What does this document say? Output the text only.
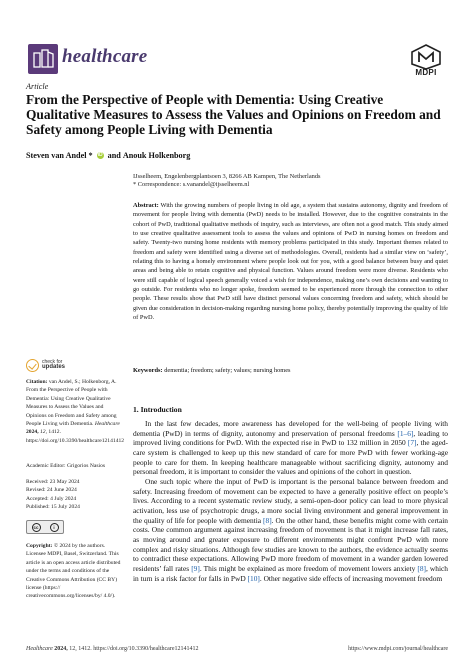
healthcare
MDPI
Article
From the Perspective of People with Dementia: Using Creative Qualitative Measures to Assess the Values and Opinions on Freedom and Safety among People Living with Dementia
Steven van Andel * iD and Anouk Holkenborg
IJsselheem, Engelenbergplantsoen 3, 8266 AB Kampen, The Netherlands
* Correspondence: s.vanandel@ijsselheem.nl
Abstract: With the growing numbers of people living in old age, a system that sustains autonomy, dignity and freedom of movement for people living with dementia (PwD) needs to be installed. However, due to the cognitive constraints in the cohort of PwD, traditional qualitative methods of inquiry, such as interviews, are often not a good match. This study aimed to use creative qualitative assessment tools to assess the values and opinions of PwD in nursing homes on freedom and safety. Twenty-two nursing home residents with memory problems participated in this study. Important themes related to freedom and safety were identified using a diverse set of methodologies. Overall, residents had a similar view on ‘safety’, relating this to having a homely environment where people look out for you, with a good balance between busy and quiet areas and being able to retain cognitive and physical function. Values around freedom were more diverse. Residents who were still capable of logical speech generally voiced a wish for independence, making one’s own decisions and wanting to go outside. For residents who no longer spoke, freedom seemed to be experienced more through the connection to other people. These results show that PwD still have distinct personal values concerning freedom and safety, which should be given due consideration in decision-making regarding nursing home policy, thereby potentially improving the quality of life of PwD.
Keywords: dementia; freedom; safety; values; nursing homes
check for
updates
Citation: van Andel, S.; Holkenborg, A. From the Perspective of People with Dementia: Using Creative Qualitative Measures to Assess the Values and Opinions on Freedom and Safety among People Living with Dementia. Healthcare 2024, 12, 1412. https://doi.org/10.3390/healthcare12141412
Academic Editor: Grigorios Nasios
Received: 23 May 2024
Revised: 24 June 2024
Accepted: 4 July 2024
Published: 15 July 2024
cc	i
Copyright: © 2024 by the authors. Licensee MDPI, Basel, Switzerland. This article is an open access article distributed under the terms and conditions of the Creative Commons Attribution (CC BY) license (https:// creativecommons.org/licenses/by/ 4.0/).
1. Introduction

In the last few decades, more awareness has developed for the well-being of people living with dementia (PwD) in terms of dignity, autonomy and preservation of personal freedoms [1–6], leading to improved living conditions for PwD. With the expected rise in PwD to 132 million in 2050 [7], the aged-care system is challenged to keep up this new standard of care for more PwD with fewer working-age people to care for them. In keeping healthcare manageable without sacrificing dignity, autonomy and personal freedom, it is important to consider the values and opinions of the cohort in question.

One such topic where the input of PwD is important is the personal balance between freedom and safety. Increasing freedom of movement can be expected to have a generally positive effect on people’s lives. According to a recent systematic review study, a semi-open-door policy can lead to more physical activation, less use of psychotropic drugs, a more social living environment and general improvement in the quality of life for people with dementia [8]. On the other hand, these benefits might come with certain costs. One common argument against increasing freedom of movement is that it might increase fall rates, as moving around and greater exposure to different environments might confront PwD with more complex and risky situations. Although few studies are known to the authors, the evidence actually seems to contradict these expectations. Allowing PwD more freedom of movement in a wander garden lowered residents’ fall rates [9]. This might be explained as more freedom of movement lowers anxiety [8], which in turn is a risk factor for falls in PwD [10]. Other negative side effects of increasing movement freedom

Healthcare 2024, 12, 1412. https://doi.org/10.3390/healthcare12141412	https://www.mdpi.com/journal/healthcare
